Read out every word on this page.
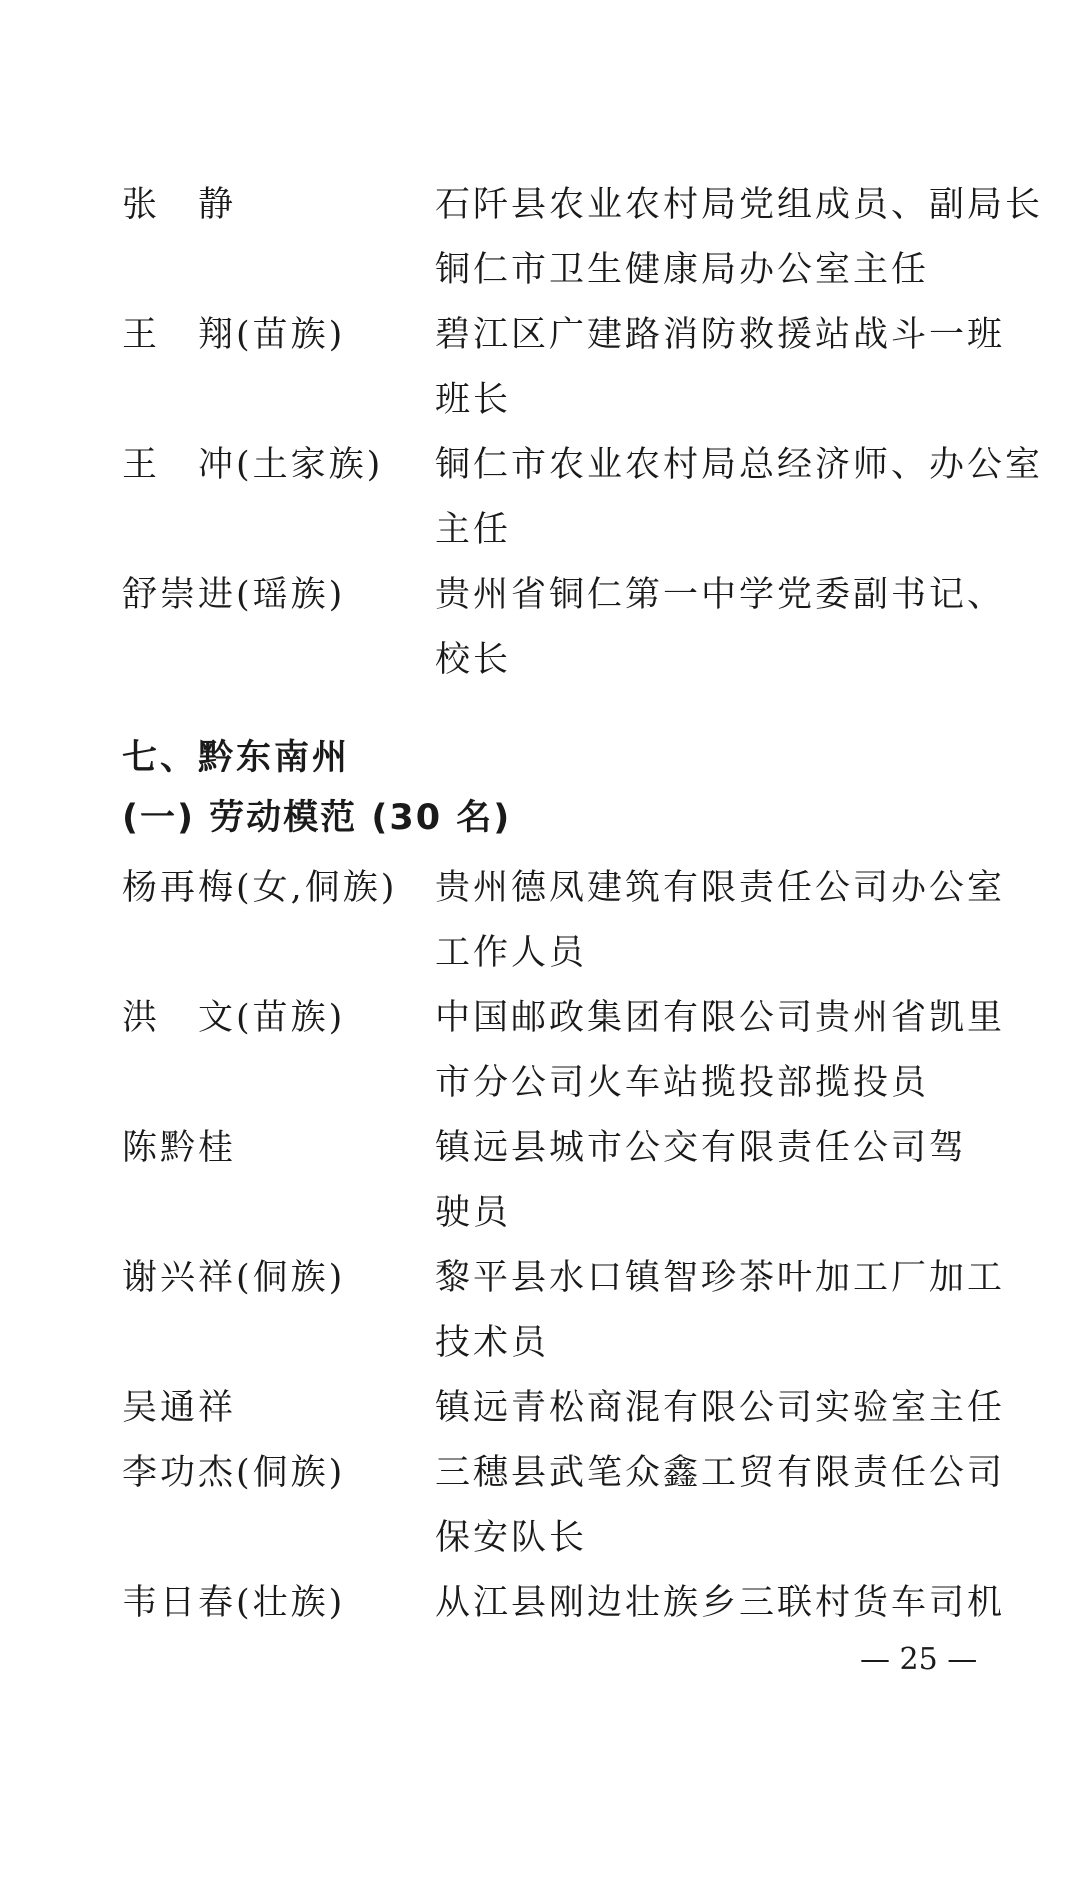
张　静	石阡县农业农村局党组成员、副局长
铜仁市卫生健康局办公室主任
王　翔(苗族)	碧江区广建路消防救援站战斗一班
班长
王　冲(土家族) 铜仁市农业农村局总经济师、办公室
主任
舒崇进(瑶族)	贵州省铜仁第一中学党委副书记、
校长
七、黔东南州
(一) 劳动模范 (30 名)
杨再梅(女,侗族) 贵州德凤建筑有限责任公司办公室
工作人员
洪　文(苗族)	中国邮政集团有限公司贵州省凯里
市分公司火车站揽投部揽投员
陈黔桂	镇远县城市公交有限责任公司驾
驶员
谢兴祥(侗族)	黎平县水口镇智珍茶叶加工厂加工
技术员
吴通祥	镇远青松商混有限公司实验室主任
李功杰(侗族)	三穗县武笔众鑫工贸有限责任公司
保安队长
韦日春(壮族)	从江县刚边壮族乡三联村货车司机
— 25 —
